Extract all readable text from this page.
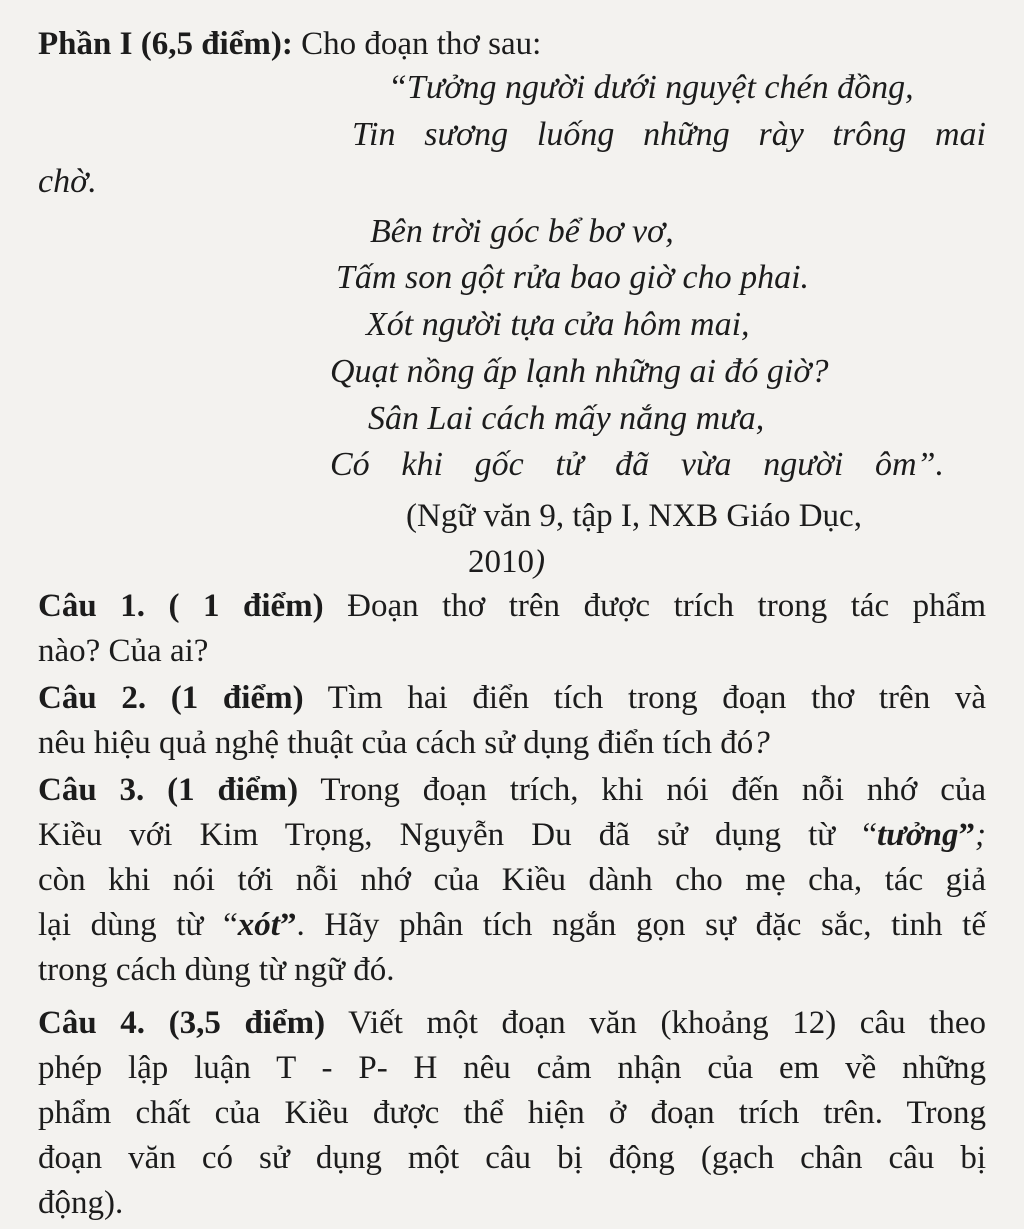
Phần I (6,5 điểm): Cho đoạn thơ sau:
“Tưởng người dưới nguyệt chén đồng,
Tin sương luống những rày trông mai
chờ.
Bên trời góc bể bơ vơ,
Tấm son gột rửa bao giờ cho phai.
Xót người tựa cửa hôm mai,
Quạt nồng ấp lạnh những ai đó giờ?
Sân Lai cách mấy nắng mưa,
Có khi gốc tử đã vừa người ôm”.
(Ngữ văn 9, tập I, NXB Giáo Dục,
2010)
Câu 1. ( 1 điểm) Đoạn thơ trên được trích trong tác phẩm
nào? Của ai?
Câu 2. (1 điểm) Tìm hai điển tích trong đoạn thơ trên và
nêu hiệu quả nghệ thuật của cách sử dụng điển tích đó?
Câu 3. (1 điểm) Trong đoạn trích, khi nói đến nỗi nhớ của
Kiều với Kim Trọng, Nguyễn Du đã sử dụng từ “tưởng”;
còn khi nói tới nỗi nhớ của Kiều dành cho mẹ cha, tác giả
lại dùng từ “xót”. Hãy phân tích ngắn gọn sự đặc sắc, tinh tế
trong cách dùng từ ngữ đó.
Câu 4. (3,5 điểm) Viết một đoạn văn (khoảng 12) câu theo
phép lập luận T - P- H nêu cảm nhận của em về những
phẩm chất của Kiều được thể hiện ở đoạn trích trên. Trong
đoạn văn có sử dụng một câu bị động (gạch chân câu bị
động).
